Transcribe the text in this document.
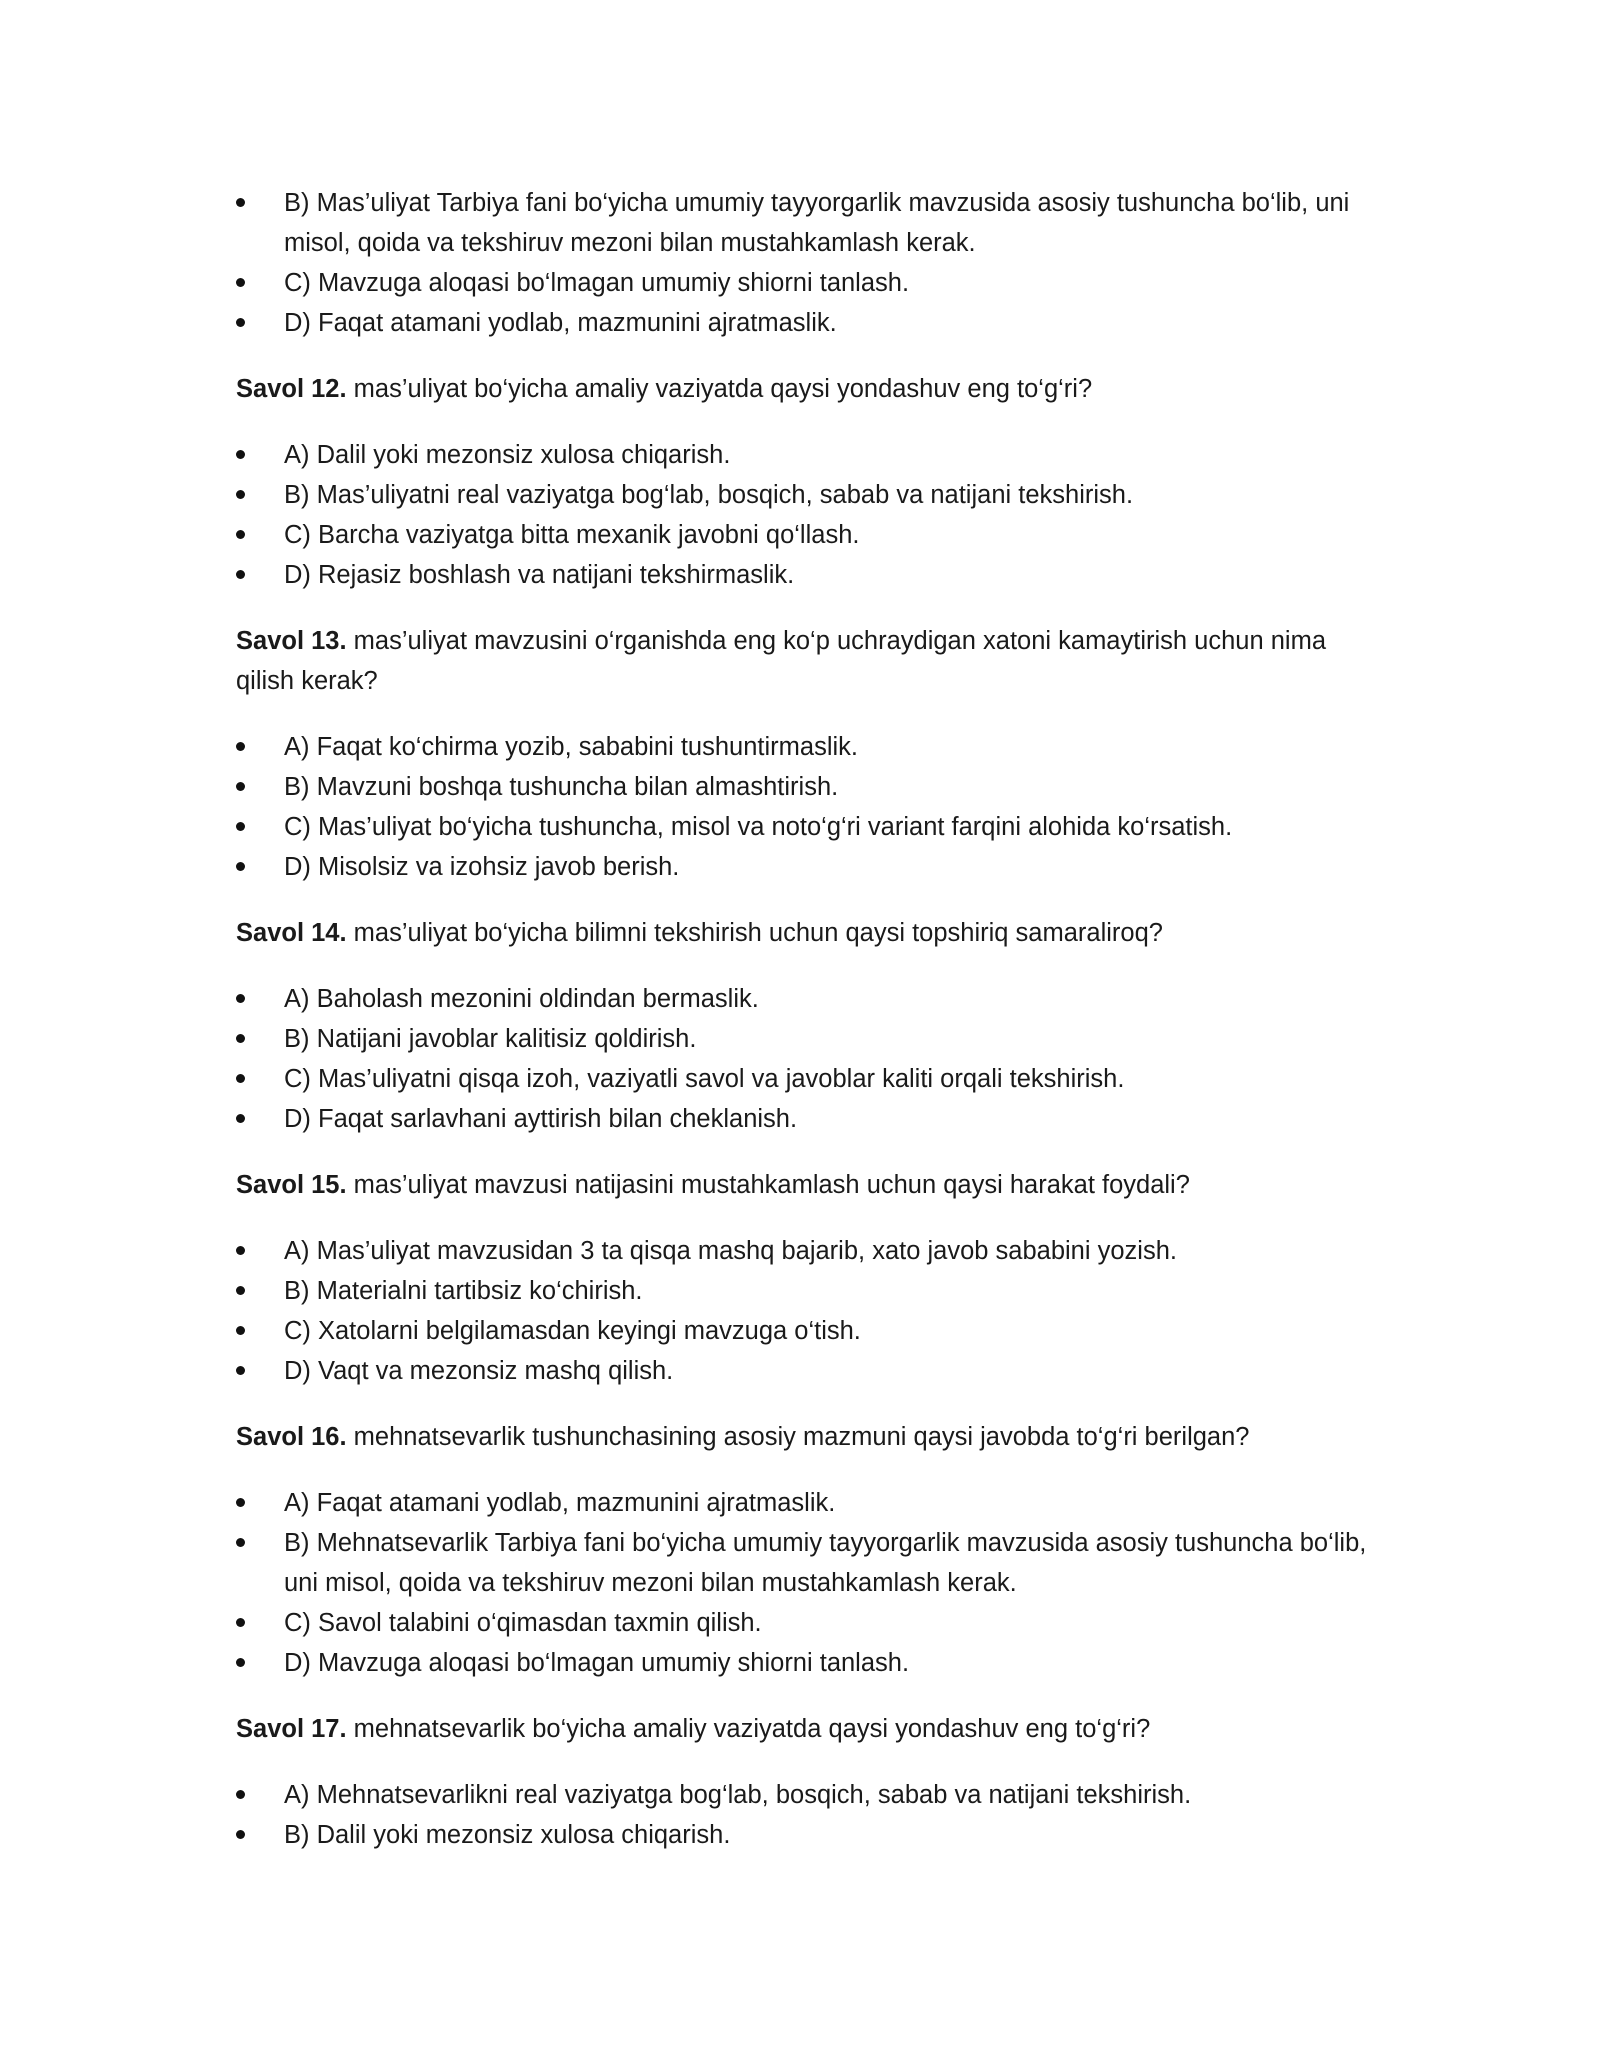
B) Mas’uliyat Tarbiya fani bo‘yicha umumiy tayyorgarlik mavzusida asosiy tushuncha bo‘lib, uni misol, qoida va tekshiruv mezoni bilan mustahkamlash kerak.
C) Mavzuga aloqasi bo‘lmagan umumiy shiorni tanlash.
D) Faqat atamani yodlab, mazmunini ajratmaslik.

Savol 12. mas’uliyat bo‘yicha amaliy vaziyatda qaysi yondashuv eng to‘g‘ri?

A) Dalil yoki mezonsiz xulosa chiqarish.
B) Mas’uliyatni real vaziyatga bog‘lab, bosqich, sabab va natijani tekshirish.
C) Barcha vaziyatga bitta mexanik javobni qo‘llash.
D) Rejasiz boshlash va natijani tekshirmaslik.

Savol 13. mas’uliyat mavzusini o‘rganishda eng ko‘p uchraydigan xatoni kamaytirish uchun nima qilish kerak?

A) Faqat ko‘chirma yozib, sababini tushuntirmaslik.
B) Mavzuni boshqa tushuncha bilan almashtirish.
C) Mas’uliyat bo‘yicha tushuncha, misol va noto‘g‘ri variant farqini alohida ko‘rsatish.
D) Misolsiz va izohsiz javob berish.

Savol 14. mas’uliyat bo‘yicha bilimni tekshirish uchun qaysi topshiriq samaraliroq?

A) Baholash mezonini oldindan bermaslik.
B) Natijani javoblar kalitisiz qoldirish.
C) Mas’uliyatni qisqa izoh, vaziyatli savol va javoblar kaliti orqali tekshirish.
D) Faqat sarlavhani ayttirish bilan cheklanish.

Savol 15. mas’uliyat mavzusi natijasini mustahkamlash uchun qaysi harakat foydali?

A) Mas’uliyat mavzusidan 3 ta qisqa mashq bajarib, xato javob sababini yozish.
B) Materialni tartibsiz ko‘chirish.
C) Xatolarni belgilamasdan keyingi mavzuga o‘tish.
D) Vaqt va mezonsiz mashq qilish.

Savol 16. mehnatsevarlik tushunchasining asosiy mazmuni qaysi javobda to‘g‘ri berilgan?

A) Faqat atamani yodlab, mazmunini ajratmaslik.
B) Mehnatsevarlik Tarbiya fani bo‘yicha umumiy tayyorgarlik mavzusida asosiy tushuncha bo‘lib, uni misol, qoida va tekshiruv mezoni bilan mustahkamlash kerak.
C) Savol talabini o‘qimasdan taxmin qilish.
D) Mavzuga aloqasi bo‘lmagan umumiy shiorni tanlash.

Savol 17. mehnatsevarlik bo‘yicha amaliy vaziyatda qaysi yondashuv eng to‘g‘ri?

A) Mehnatsevarlikni real vaziyatga bog‘lab, bosqich, sabab va natijani tekshirish.
B) Dalil yoki mezonsiz xulosa chiqarish.
